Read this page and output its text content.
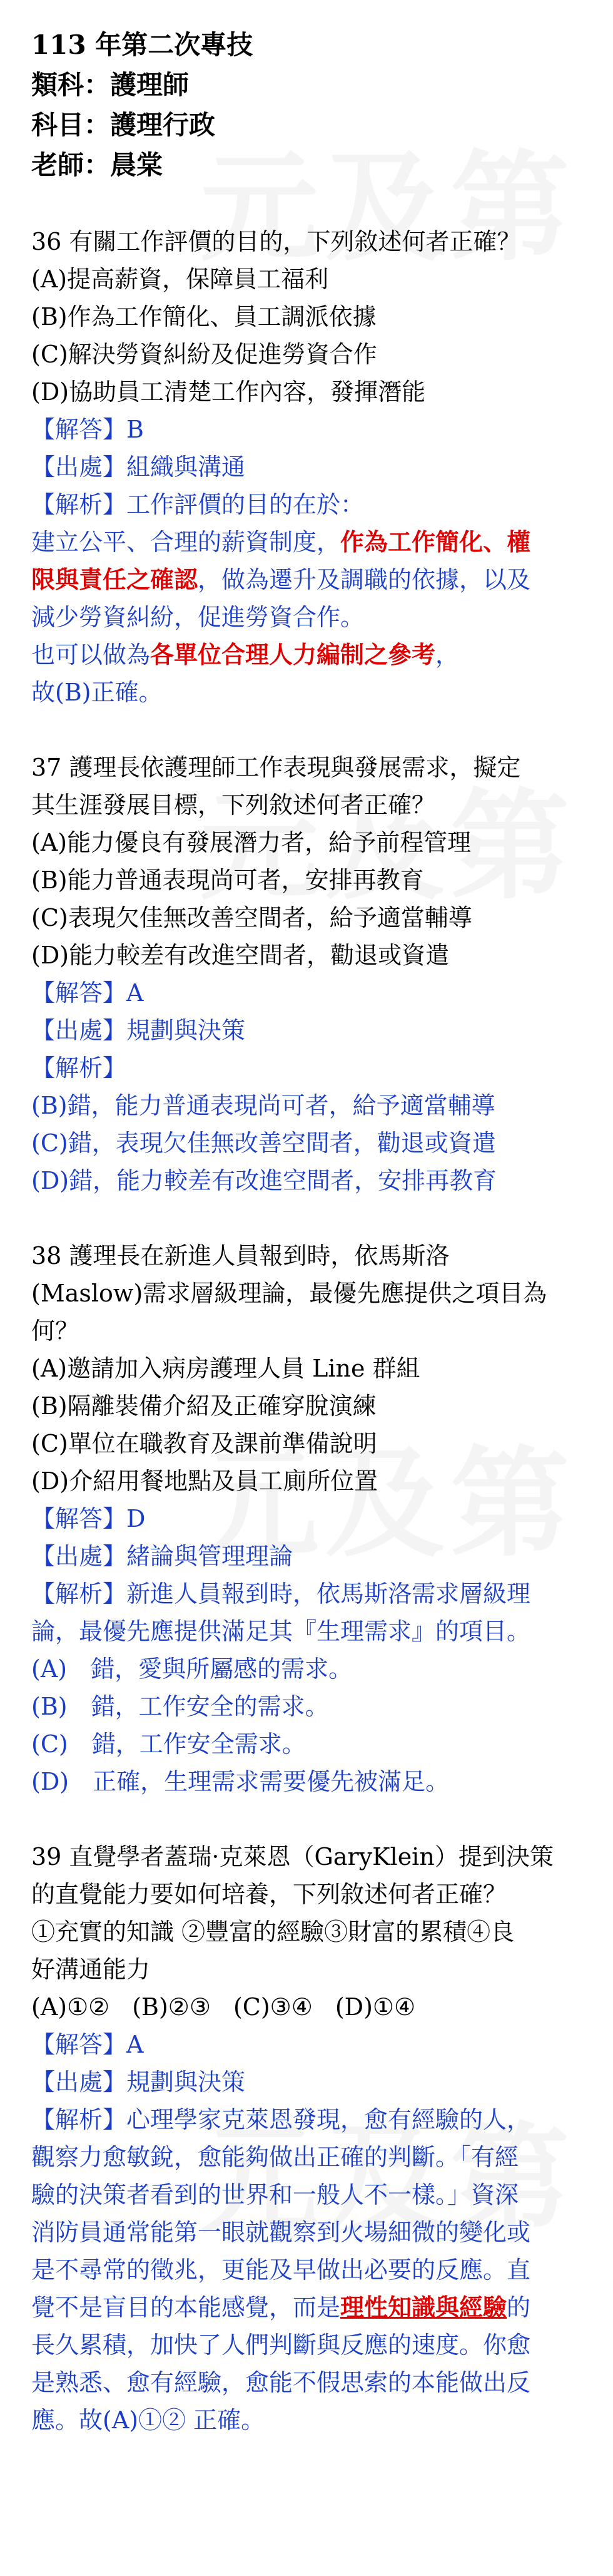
113 年第二次專技
類科：護理師
科目：護理行政
老師：晨棠

36 有關工作評價的目的，下列敘述何者正確？

(A)提高薪資，保障員工福利

(B)作為工作簡化、員工調派依據

(C)解決勞資糾紛及促進勞資合作

(D)協助員工清楚工作內容，發揮潛能

【解答】B

【出處】組織與溝通

【解析】工作評價的目的在於：

建立公平、合理的薪資制度，作為工作簡化、權

限與責任之確認，做為遷升及調職的依據，以及

減少勞資糾紛，促進勞資合作。

也可以做為各單位合理人力編制之參考，

故(B)正確。

37 護理長依護理師工作表現與發展需求，擬定

其生涯發展目標，下列敘述何者正確？

(A)能力優良有發展潛力者，給予前程管理

(B)能力普通表現尚可者，安排再教育

(C)表現欠佳無改善空間者，給予適當輔導

(D)能力較差有改進空間者，勸退或資遣

【解答】A

【出處】規劃與決策

【解析】

(B)錯，能力普通表現尚可者，給予適當輔導

(C)錯，表現欠佳無改善空間者，勸退或資遣

(D)錯，能力較差有改進空間者，安排再教育

38 護理長在新進人員報到時，依馬斯洛

(Maslow)需求層級理論，最優先應提供之項目為

何？

(A)邀請加入病房護理人員 Line 群組

(B)隔離裝備介紹及正確穿脫演練

(C)單位在職教育及課前準備說明

(D)介紹用餐地點及員工廁所位置

【解答】D

【出處】緒論與管理理論

【解析】新進人員報到時，依馬斯洛需求層級理

論，最優先應提供滿足其『生理需求』的項目。

(A)　錯，愛與所屬感的需求。

(B)　錯，工作安全的需求。

(C)　錯，工作安全需求。

(D)　正確，生理需求需要優先被滿足。

39 直覺學者蓋瑞·克萊恩（GaryKlein）提到決策

的直覺能力要如何培養，下列敘述何者正確？

①充實的知識 ②豐富的經驗③財富的累積④良

好溝通能力

(A)①② (B)②③ (C)③④ (D)①④

【解答】A

【出處】規劃與決策

【解析】心理學家克萊恩發現，愈有經驗的人，

觀察力愈敏銳，愈能夠做出正確的判斷。「有經

驗的決策者看到的世界和一般人不一樣。」資深

消防員通常能第一眼就觀察到火場細微的變化或

是不尋常的徵兆，更能及早做出必要的反應。直

覺不是盲目的本能感覺，而是理性知識與經驗的

長久累積，加快了人們判斷與反應的速度。你愈

是熟悉、愈有經驗，愈能不假思索的本能做出反

應。故(A)①② 正確。
